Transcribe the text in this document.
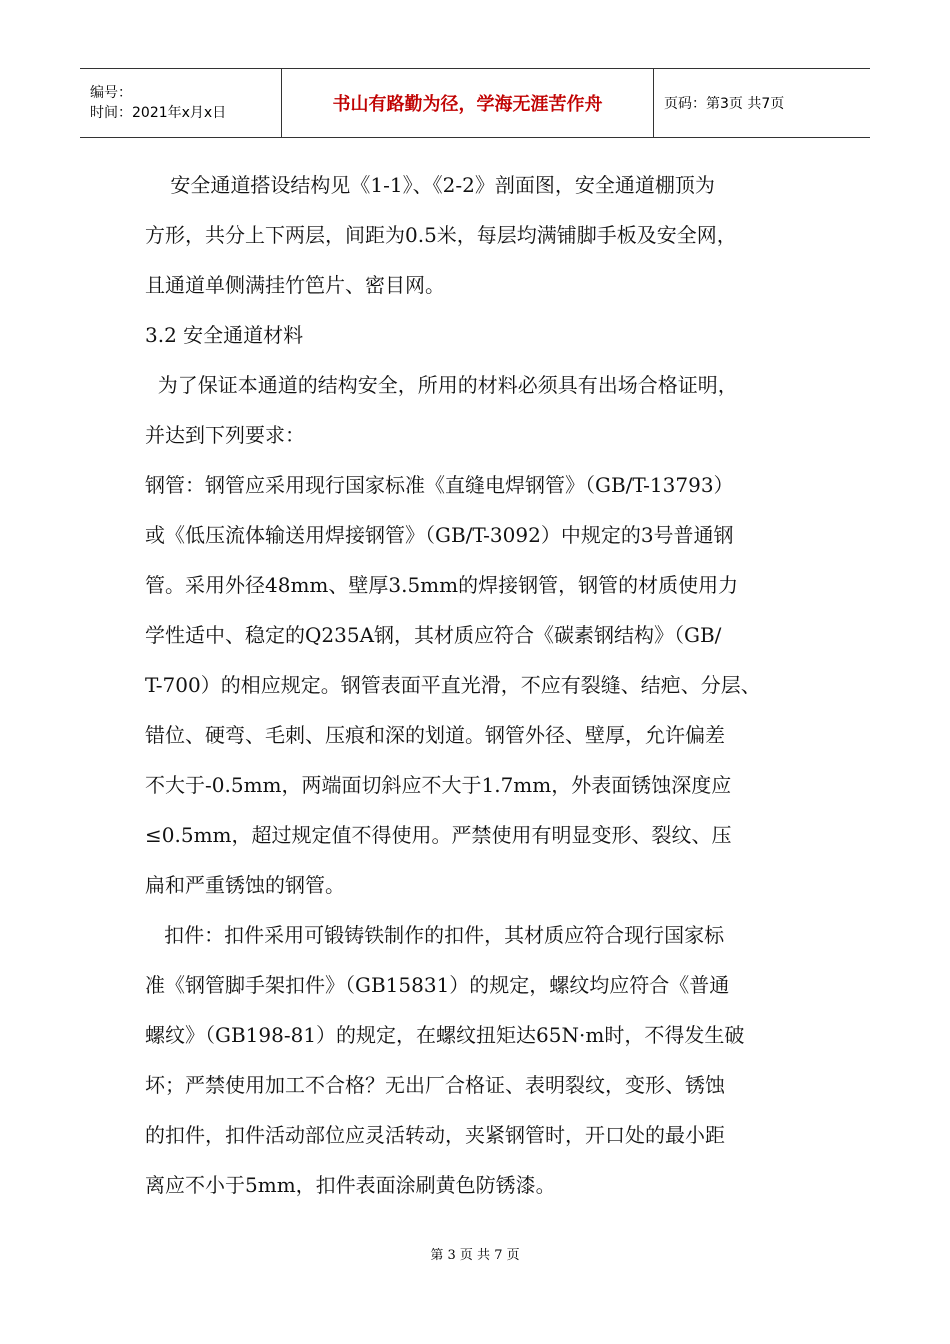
编号：
时间：2021年x月x日	书山有路勤为径，学海无涯苦作舟	页码：第3页 共7页

安全通道搭设结构见《1-1》、《2-2》剖面图，安全通道棚顶为

方形，共分上下两层，间距为0.5米，每层均满铺脚手板及安全网，

且通道单侧满挂竹笆片、密目网。

3.2 安全通道材料

为了保证本通道的结构安全，所用的材料必须具有出场合格证明，

并达到下列要求：

钢管：钢管应采用现行国家标准《直缝电焊钢管》（GB/T-13793）

或《低压流体输送用焊接钢管》（GB/T-3092）中规定的3号普通钢

管。采用外径48mm、壁厚3.5mm的焊接钢管，钢管的材质使用力

学性适中、稳定的Q235A钢，其材质应符合《碳素钢结构》（GB/

T-700）的相应规定。钢管表面平直光滑，不应有裂缝、结疤、分层、

错位、硬弯、毛刺、压痕和深的划道。钢管外径、壁厚，允许偏差

不大于-0.5mm，两端面切斜应不大于1.7mm，外表面锈蚀深度应

≤0.5mm，超过规定值不得使用。严禁使用有明显变形、裂纹、压

扁和严重锈蚀的钢管。

扣件：扣件采用可锻铸铁制作的扣件，其材质应符合现行国家标

准《钢管脚手架扣件》（GB15831）的规定，螺纹均应符合《普通

螺纹》（GB198-81）的规定，在螺纹扭矩达65N·m时，不得发生破

坏；严禁使用加工不合格？无出厂合格证、表明裂纹，变形、锈蚀

的扣件，扣件活动部位应灵活转动，夹紧钢管时，开口处的最小距

离应不小于5mm，扣件表面涂刷黄色防锈漆。

第 3 页 共 7 页
